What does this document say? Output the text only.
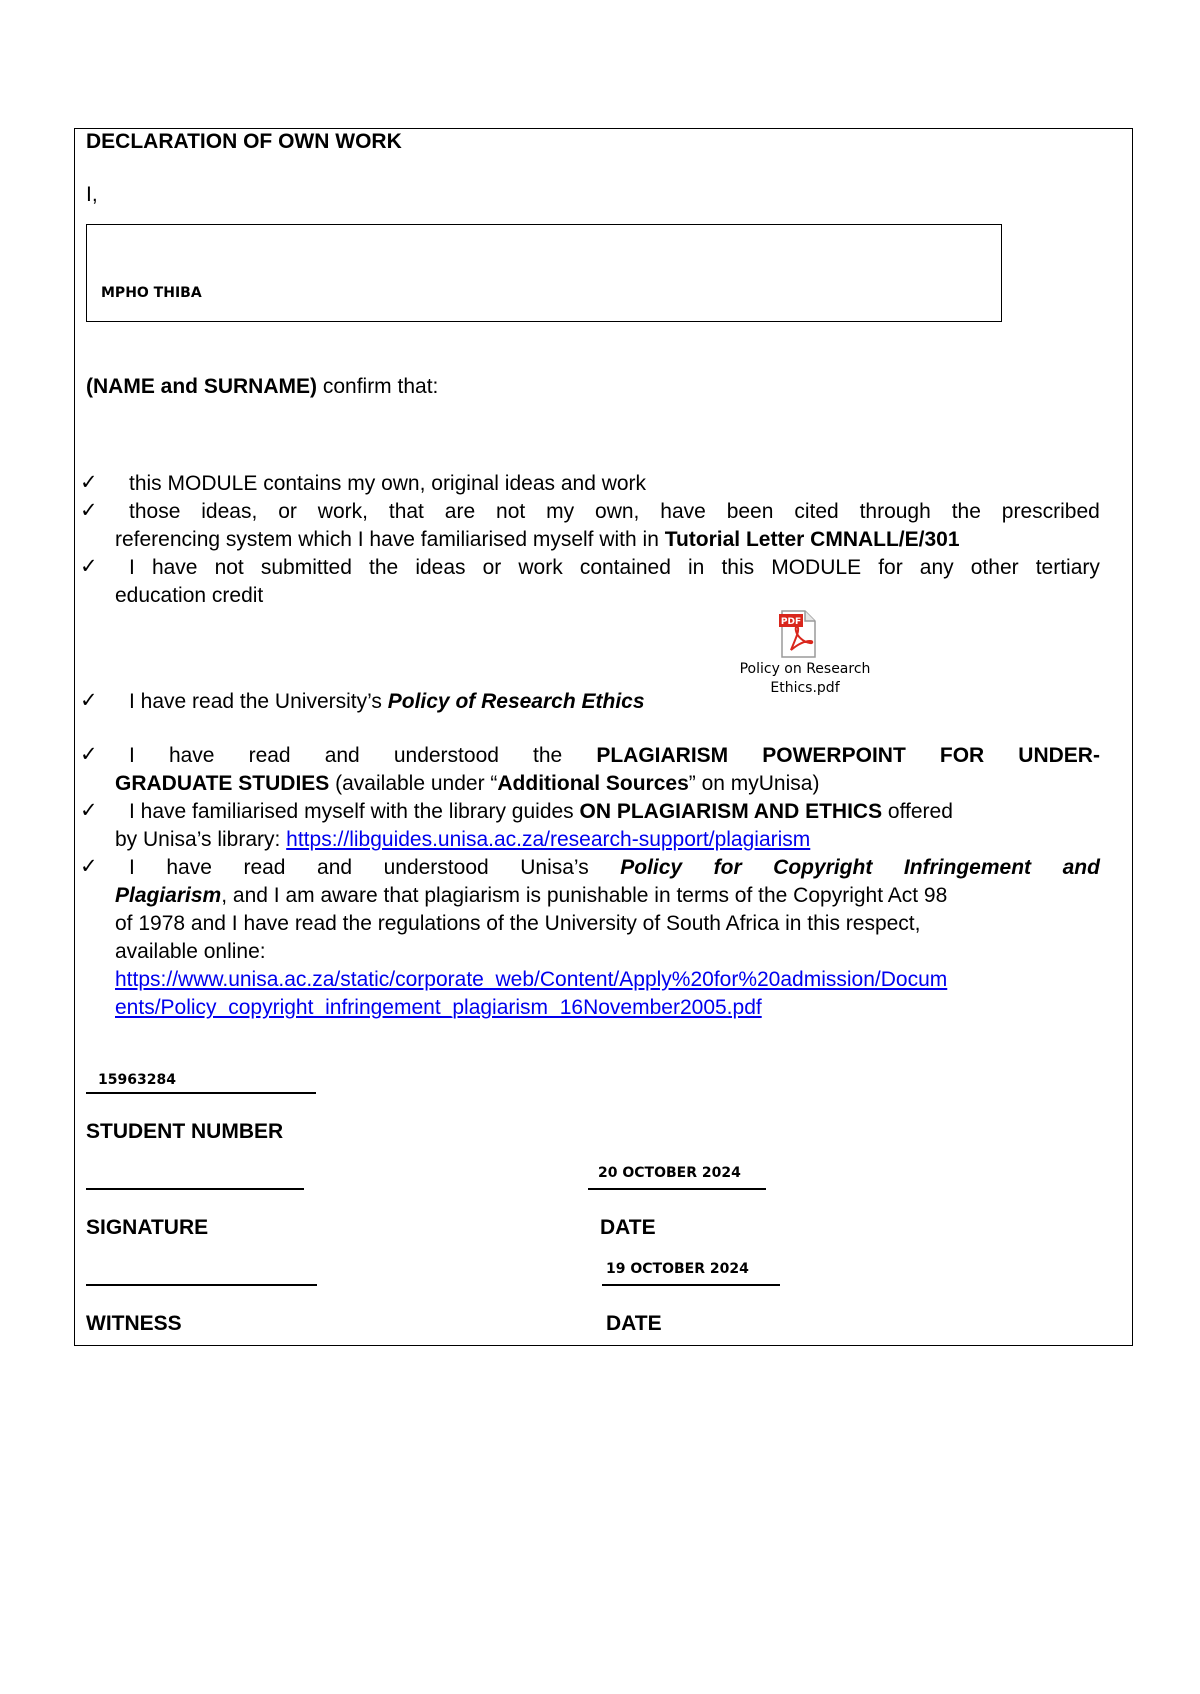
DECLARATION OF OWN WORK
I,
MPHO THIBA
(NAME and SURNAME) confirm that:
✓	this MODULE contains my own, original ideas and work
✓ those ideas, or work, that are not my own, have been cited through the prescribed
referencing system which I have familiarised myself with in Tutorial Letter CMNALL/E/301
✓ I have not submitted the ideas or work contained in this MODULE for any other tertiary
education credit
PDF
Policy on Research
Ethics.pdf
✓	I have read the University’s Policy of Research Ethics
✓ I have read and understood the PLAGIARISM POWERPOINT FOR UNDER-
GRADUATE STUDIES (available under “Additional Sources” on myUnisa)
✓	I have familiarised myself with the library guides ON PLAGIARISM AND ETHICS offered
by Unisa’s library: https://libguides.unisa.ac.za/research-support/plagiarism
✓ I have read and understood Unisa’s Policy for Copyright Infringement and
Plagiarism, and I am aware that plagiarism is punishable in terms of the Copyright Act 98
of 1978 and I have read the regulations of the University of South Africa in this respect,
available online:
https://www.unisa.ac.za/static/corporate_web/Content/Apply%20for%20admission/Docum
ents/Policy_copyright_infringement_plagiarism_16November2005.pdf
15963284
STUDENT NUMBER
20 OCTOBER 2024
SIGNATURE	DATE
19 OCTOBER 2024
WITNESS	DATE
